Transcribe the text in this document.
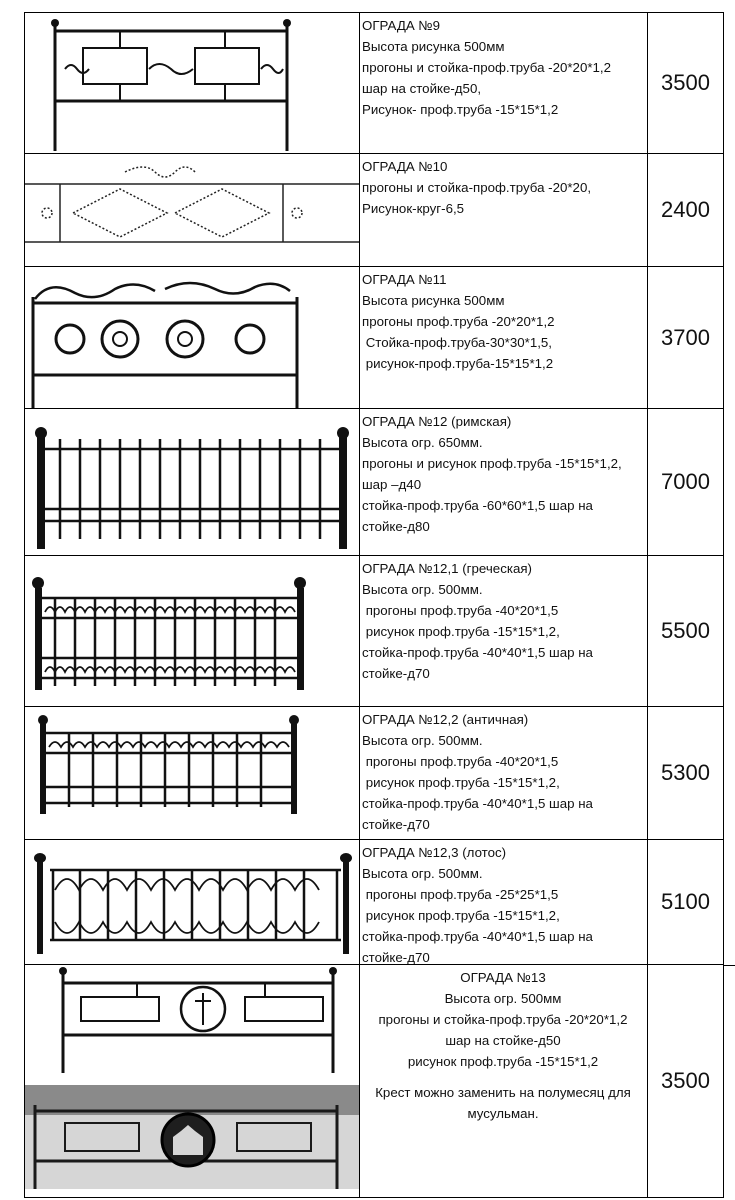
ОГРАДА №9
Высота рисунка 500мм
прогоны и стойка-проф.труба -20*20*1,2
шар на стойке-д50,
Рисунок- проф.труба -15*15*1,2
3500
ОГРАДА №10
прогоны и стойка-проф.труба -20*20,
Рисунок-круг-6,5	2400
ОГРАДА №11
Высота рисунка 500мм
прогоны проф.труба -20*20*1,2
Стойка-проф.труба-30*30*1,5,
рисунок-проф.труба-15*15*1,2
3700
ОГРАДА №12 (римская)
Высота огр. 650мм.
прогоны и рисунок проф.труба -15*15*1,2,
шар –д40
стойка-проф.труба -60*60*1,5 шар на
стойке-д80
7000
ОГРАДА №12,1 (греческая)
Высота огр. 500мм.
прогоны проф.труба -40*20*1,5
рисунок проф.труба -15*15*1,2,
стойка-проф.труба -40*40*1,5 шар на
стойке-д70
5500
ОГРАДА №12,2 (античная)
Высота огр. 500мм.
прогоны проф.труба -40*20*1,5
рисунок проф.труба -15*15*1,2,
стойка-проф.труба -40*40*1,5 шар на
стойке-д70
5300
ОГРАДА №12,3 (лотос)
Высота огр. 500мм.
прогоны проф.труба -25*25*1,5
рисунок проф.труба -15*15*1,2,
стойка-проф.труба -40*40*1,5 шар на
стойке-д70
5100
ОГРАДА №13
Высота огр. 500мм
прогоны и стойка-проф.труба -20*20*1,2
шар на стойке-д50
рисунок проф.труба -15*15*1,2
Крест можно заменить на полумесяц для
мусульман.
3500
